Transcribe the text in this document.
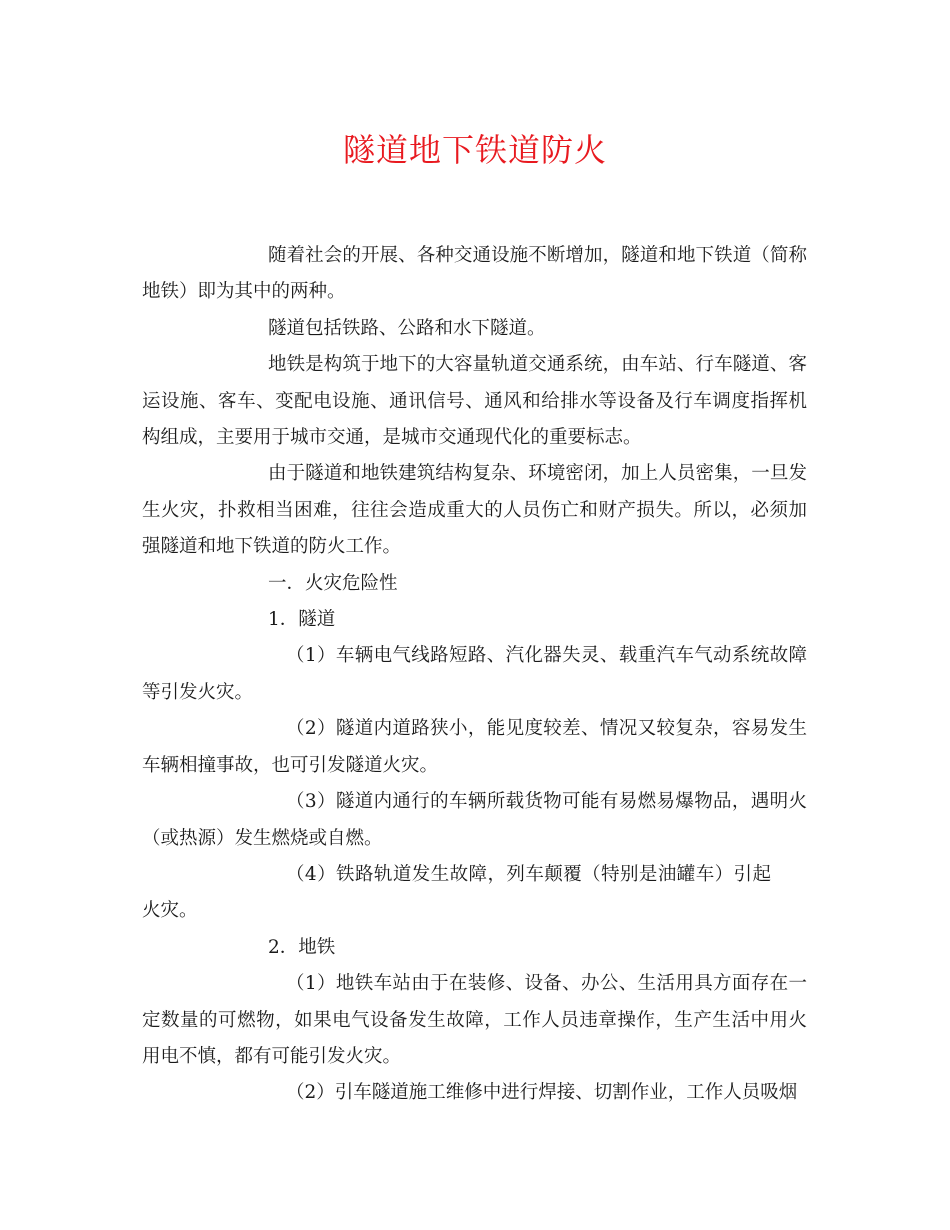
隧道地下铁道防火

随着社会的开展、各种交通设施不断增加，隧道和地下铁道（简称地铁）即为其中的两种。

隧道包括铁路、公路和水下隧道。

地铁是构筑于地下的大容量轨道交通系统，由车站、行车隧道、客运设施、客车、变配电设施、通讯信号、通风和给排水等设备及行车调度指挥机构组成，主要用于城市交通，是城市交通现代化的重要标志。

由于隧道和地铁建筑结构复杂、环境密闭，加上人员密集，一旦发生火灾，扑救相当困难，往往会造成重大的人员伤亡和财产损失。所以，必须加强隧道和地下铁道的防火工作。

一．火灾危险性

1．隧道

（1）车辆电气线路短路、汽化器失灵、载重汽车气动系统故障等引发火灾。

（2）隧道内道路狭小，能见度较差、情况又较复杂，容易发生车辆相撞事故，也可引发隧道火灾。

（3）隧道内通行的车辆所载货物可能有易燃易爆物品，遇明火（或热源）发生燃烧或自燃。

（4）铁路轨道发生故障，列车颠覆（特别是油罐车）引起火灾。

2．地铁

（1）地铁车站由于在装修、设备、办公、生活用具方面存在一定数量的可燃物，如果电气设备发生故障，工作人员违章操作，生产生活中用火用电不慎，都有可能引发火灾。

（2）引车隧道施工维修中进行焊接、切割作业，工作人员吸烟
